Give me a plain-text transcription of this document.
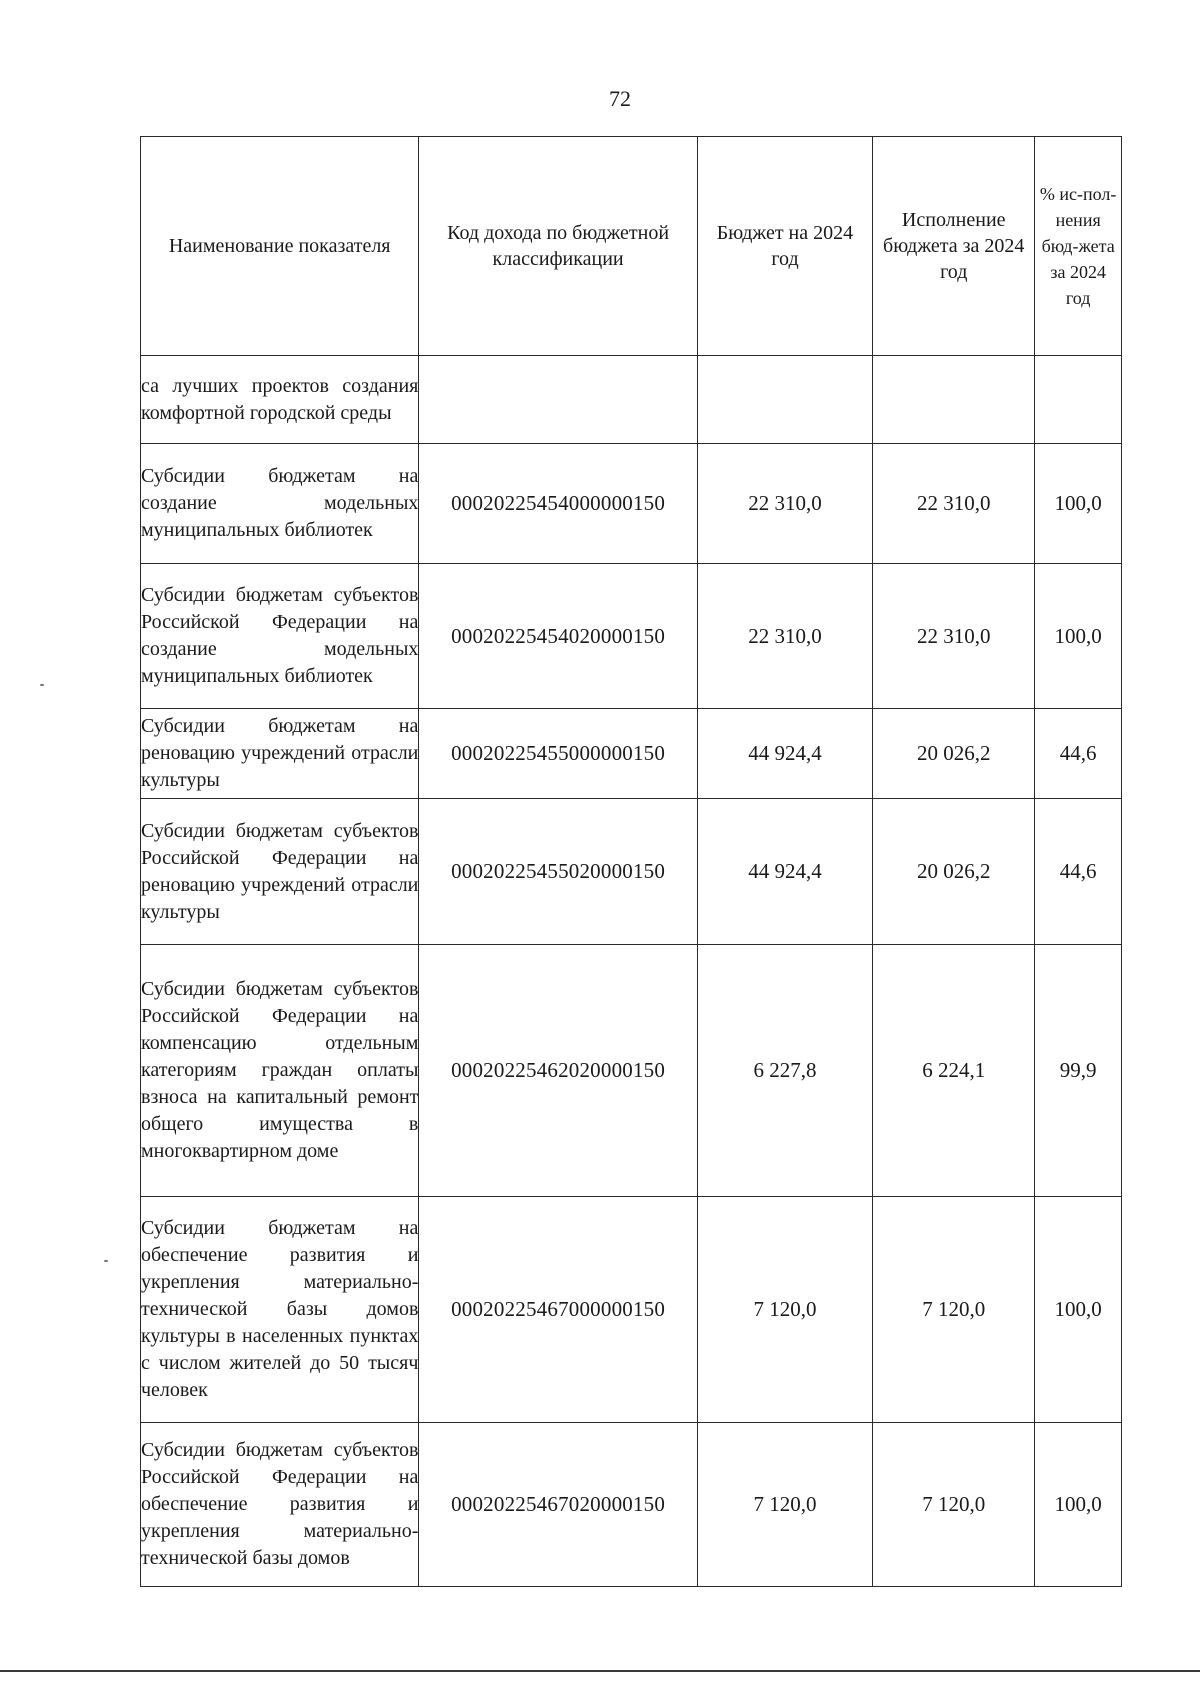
72
Наименование показателя	Код дохода по бюджетной классификации	Бюджет на 2024 год	Исполнение бюджета за 2024 год	% ис-пол-нения бюд-жета за 2024 год

са лучших проектов создания комфортной городской среды				
Субсидии бюджетам на создание модельных муниципальных библиотек	00020225454000000150	22 310,0	22 310,0	100,0
Субсидии бюджетам субъектов Российской Федерации на создание модельных муниципальных библиотек	00020225454020000150	22 310,0	22 310,0	100,0
Субсидии бюджетам на реновацию учреждений отрасли культуры	00020225455000000150	44 924,4	20 026,2	44,6
Субсидии бюджетам субъектов Российской Федерации на реновацию учреждений отрасли культуры	00020225455020000150	44 924,4	20 026,2	44,6
Субсидии бюджетам субъектов Российской Федерации на компенсацию отдельным категориям граждан оплаты взноса на капитальный ремонт общего имущества в многоквартирном доме	00020225462020000150	6 227,8	6 224,1	99,9
Субсидии бюджетам на обеспечение развития и укрепления материально-технической базы домов культуры в населенных пунктах с числом жителей до 50 тысяч человек	00020225467000000150	7 120,0	7 120,0	100,0
Субсидии бюджетам субъектов Российской Федерации на обеспечение развития и укрепления материально-технической базы домов	00020225467020000150	7 120,0	7 120,0	100,0
